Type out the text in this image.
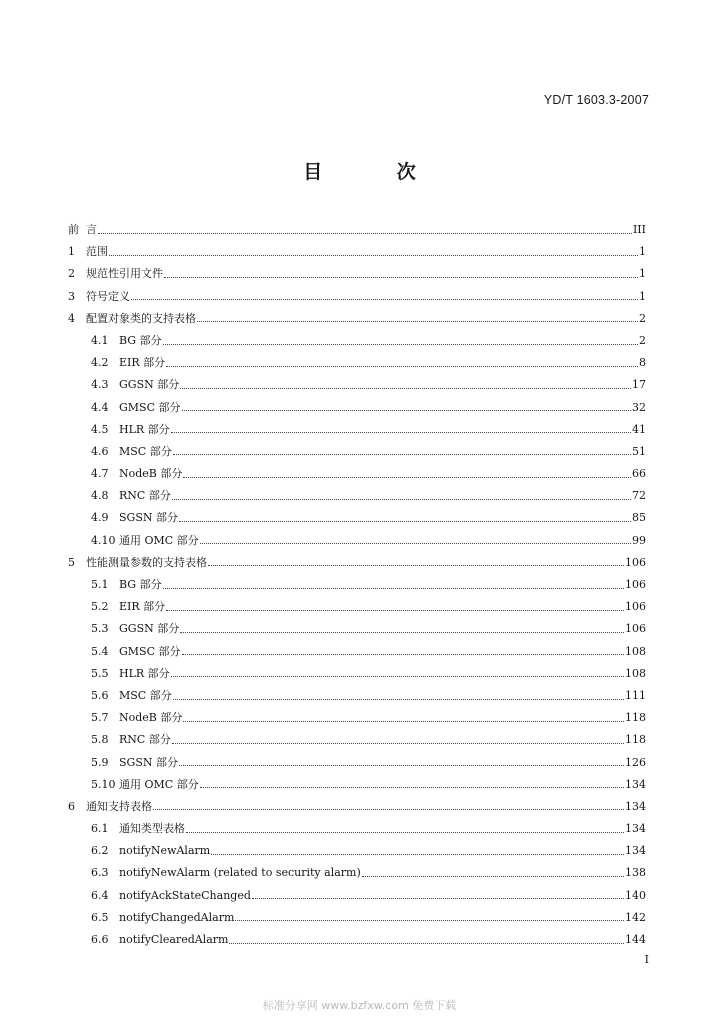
YD/T 1603.3-2007
目 次
前 言	III
1	范围	1
2	规范性引用文件	1
3	符号定义	1
4	配置对象类的支持表格	2
4.1 BG 部分	2
4.2 EIR 部分	8
4.3 GGSN 部分	17
4.4 GMSC 部分	32
4.5 HLR 部分	41
4.6 MSC 部分	51
4.7 NodeB 部分	66
4.8 RNC 部分	72
4.9 SGSN 部分	85
4.10 通用 OMC 部分	99
5	性能测量参数的支持表格	106
5.1 BG 部分	106
5.2 EIR 部分	106
5.3 GGSN 部分	106
5.4 GMSC 部分	108
5.5 HLR 部分	108
5.6 MSC 部分	111
5.7 NodeB 部分	118
5.8 RNC 部分	118
5.9 SGSN 部分	126
5.10 通用 OMC 部分	134
6	通知支持表格	134
6.1 通知类型表格	134
6.2 notifyNewAlarm	134
6.3 notifyNewAlarm (related to security alarm)	138
6.4 notifyAckStateChanged	140
6.5 notifyChangedAlarm	142
6.6 notifyClearedAlarm	144
I
标准分享网 www.bzfxw.com 免费下载
